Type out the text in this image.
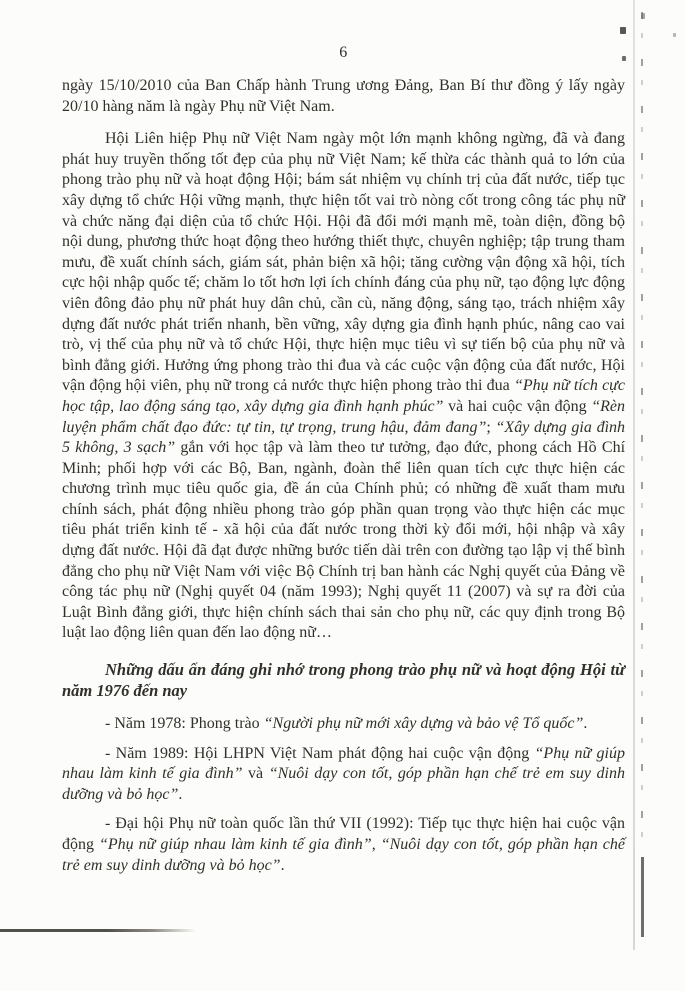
6

ngày 15/10/2010 của Ban Chấp hành Trung ương Đảng, Ban Bí thư đồng ý lấy ngày 20/10 hàng năm là ngày Phụ nữ Việt Nam.

Hội Liên hiệp Phụ nữ Việt Nam ngày một lớn mạnh không ngừng, đã và đang phát huy truyền thống tốt đẹp của phụ nữ Việt Nam; kế thừa các thành quả to lớn của phong trào phụ nữ và hoạt động Hội; bám sát nhiệm vụ chính trị của đất nước, tiếp tục xây dựng tổ chức Hội vững mạnh, thực hiện tốt vai trò nòng cốt trong công tác phụ nữ và chức năng đại diện của tổ chức Hội. Hội đã đổi mới mạnh mẽ, toàn diện, đồng bộ nội dung, phương thức hoạt động theo hướng thiết thực, chuyên nghiệp; tập trung tham mưu, đề xuất chính sách, giám sát, phản biện xã hội; tăng cường vận động xã hội, tích cực hội nhập quốc tế; chăm lo tốt hơn lợi ích chính đáng của phụ nữ, tạo động lực động viên đông đảo phụ nữ phát huy dân chủ, cần cù, năng động, sáng tạo, trách nhiệm xây dựng đất nước phát triển nhanh, bền vững, xây dựng gia đình hạnh phúc, nâng cao vai trò, vị thế của phụ nữ và tổ chức Hội, thực hiện mục tiêu vì sự tiến bộ của phụ nữ và bình đẳng giới. Hưởng ứng phong trào thi đua và các cuộc vận động của đất nước, Hội vận động hội viên, phụ nữ trong cả nước thực hiện phong trào thi đua “Phụ nữ tích cực học tập, lao động sáng tạo, xây dựng gia đình hạnh phúc” và hai cuộc vận động “Rèn luyện phẩm chất đạo đức: tự tin, tự trọng, trung hậu, đảm đang”; “Xây dựng gia đình 5 không, 3 sạch” gắn với học tập và làm theo tư tưởng, đạo đức, phong cách Hồ Chí Minh; phối hợp với các Bộ, Ban, ngành, đoàn thể liên quan tích cực thực hiện các chương trình mục tiêu quốc gia, đề án của Chính phủ; có những đề xuất tham mưu chính sách, phát động nhiều phong trào góp phần quan trọng vào thực hiện các mục tiêu phát triển kinh tế - xã hội của đất nước trong thời kỳ đổi mới, hội nhập và xây dựng đất nước. Hội đã đạt được những bước tiến dài trên con đường tạo lập vị thế bình đẳng cho phụ nữ Việt Nam với việc Bộ Chính trị ban hành các Nghị quyết của Đảng về công tác phụ nữ (Nghị quyết 04 (năm 1993); Nghị quyết 11 (2007) và sự ra đời của Luật Bình đẳng giới, thực hiện chính sách thai sản cho phụ nữ, các quy định trong Bộ luật lao động liên quan đến lao động nữ…

Những dấu ấn đáng ghi nhớ trong phong trào phụ nữ và hoạt động Hội từ năm 1976 đến nay

- Năm 1978: Phong trào “Người phụ nữ mới xây dựng và bảo vệ Tổ quốc”.

- Năm 1989: Hội LHPN Việt Nam phát động hai cuộc vận động “Phụ nữ giúp nhau làm kinh tế gia đình” và “Nuôi dạy con tốt, góp phần hạn chế trẻ em suy dinh dưỡng và bỏ học”.

- Đại hội Phụ nữ toàn quốc lần thứ VII (1992): Tiếp tục thực hiện hai cuộc vận động “Phụ nữ giúp nhau làm kinh tế gia đình”, “Nuôi dạy con tốt, góp phần hạn chế trẻ em suy dinh dưỡng và bỏ học”.
